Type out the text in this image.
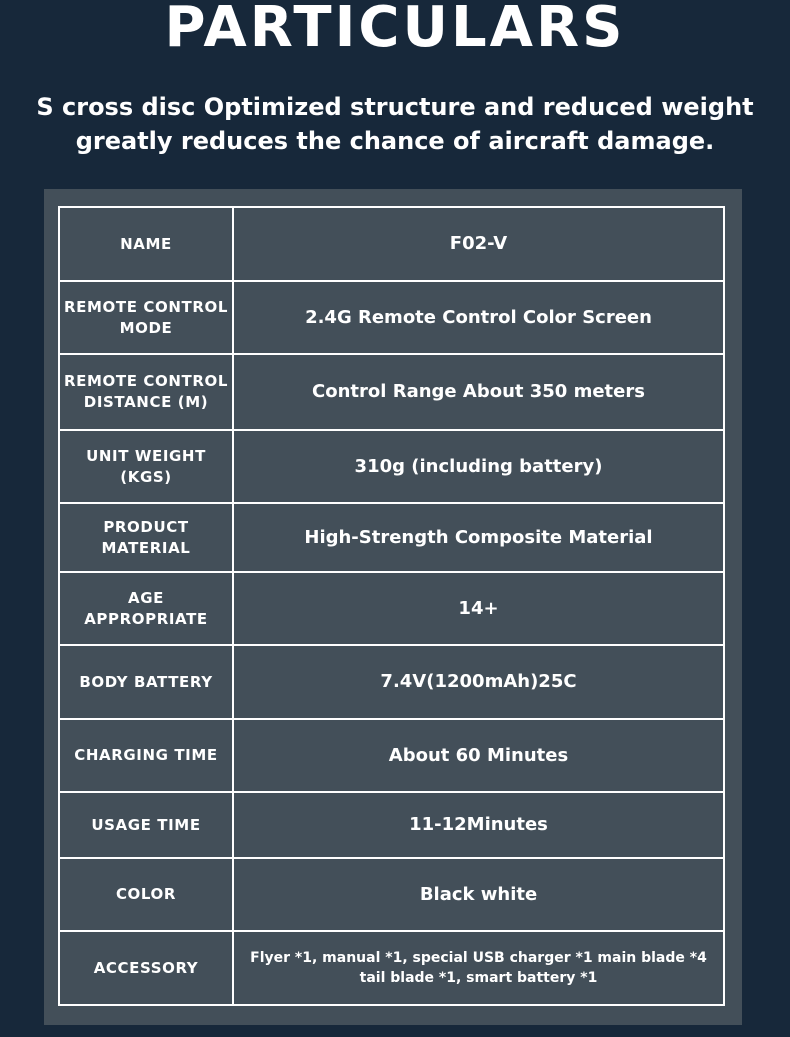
PARTICULARS

S cross disc Optimized structure and reduced weight
greatly reduces the chance of aircraft damage.

NAME	F02-V
REMOTE CONTROL MODE	2.4G Remote Control Color Screen
REMOTE CONTROL DISTANCE (M)	Control Range About 350 meters
UNIT WEIGHT (KGS)	310g (including battery)
PRODUCT MATERIAL	High-Strength Composite Material
AGE APPROPRIATE	14+
BODY BATTERY	7.4V(1200mAh)25C
CHARGING TIME	About 60 Minutes
USAGE TIME	11-12Minutes
COLOR	Black white
ACCESSORY	Flyer *1, manual *1, special USB charger *1 main blade *4 tail blade *1, smart battery *1
